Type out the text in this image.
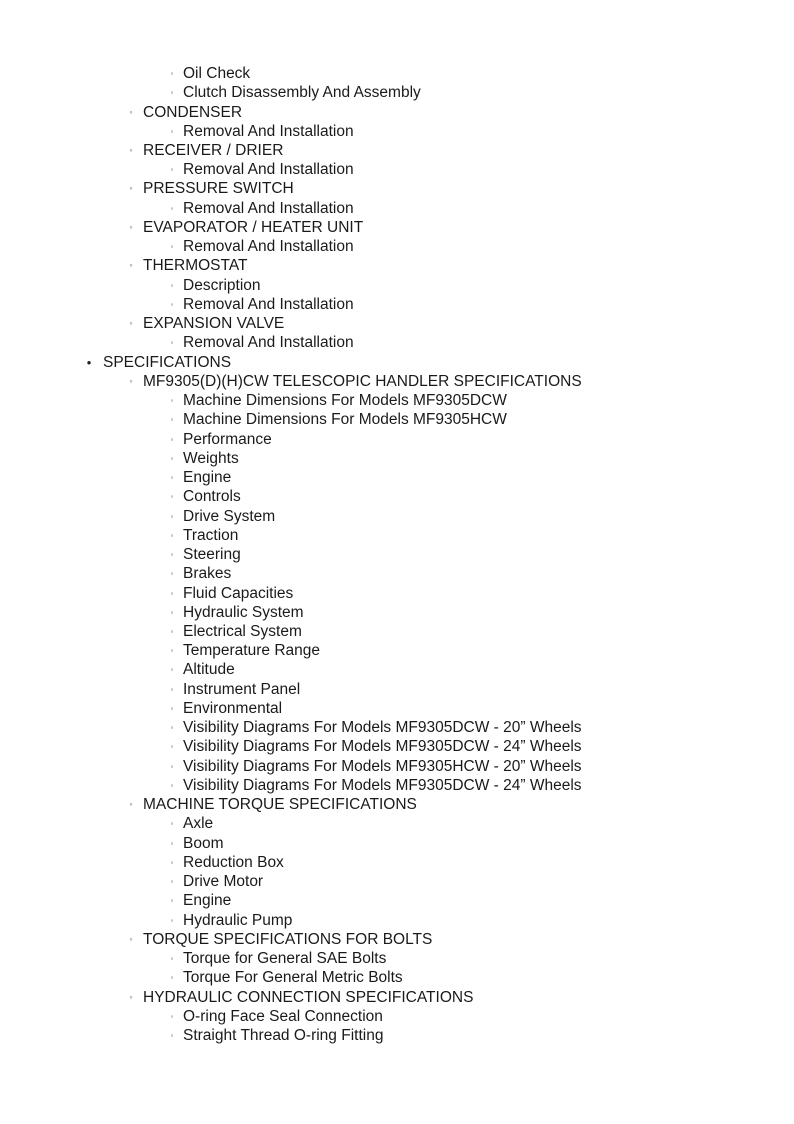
◦ Oil Check
◦ Clutch Disassembly And Assembly
◦ CONDENSER
◦ Removal And Installation
◦ RECEIVER / DRIER
◦ Removal And Installation
◦ PRESSURE SWITCH
◦ Removal And Installation
◦ EVAPORATOR / HEATER UNIT
◦ Removal And Installation
◦ THERMOSTAT
◦ Description
◦ Removal And Installation
◦ EXPANSION VALVE
◦ Removal And Installation
• SPECIFICATIONS
◦ MF9305(D)(H)CW TELESCOPIC HANDLER SPECIFICATIONS
◦ Machine Dimensions For Models MF9305DCW
◦ Machine Dimensions For Models MF9305HCW
◦ Performance
◦ Weights
◦ Engine
◦ Controls
◦ Drive System
◦ Traction
◦ Steering
◦ Brakes
◦ Fluid Capacities
◦ Hydraulic System
◦ Electrical System
◦ Temperature Range
◦ Altitude
◦ Instrument Panel
◦ Environmental
◦ Visibility Diagrams For Models MF9305DCW - 20” Wheels
◦ Visibility Diagrams For Models MF9305DCW - 24” Wheels
◦ Visibility Diagrams For Models MF9305HCW - 20” Wheels
◦ Visibility Diagrams For Models MF9305DCW - 24” Wheels
◦ MACHINE TORQUE SPECIFICATIONS
◦ Axle
◦ Boom
◦ Reduction Box
◦ Drive Motor
◦ Engine
◦ Hydraulic Pump
◦ TORQUE SPECIFICATIONS FOR BOLTS
◦ Torque for General SAE Bolts
◦ Torque For General Metric Bolts
◦ HYDRAULIC CONNECTION SPECIFICATIONS
◦ O-ring Face Seal Connection
◦ Straight Thread O-ring Fitting
